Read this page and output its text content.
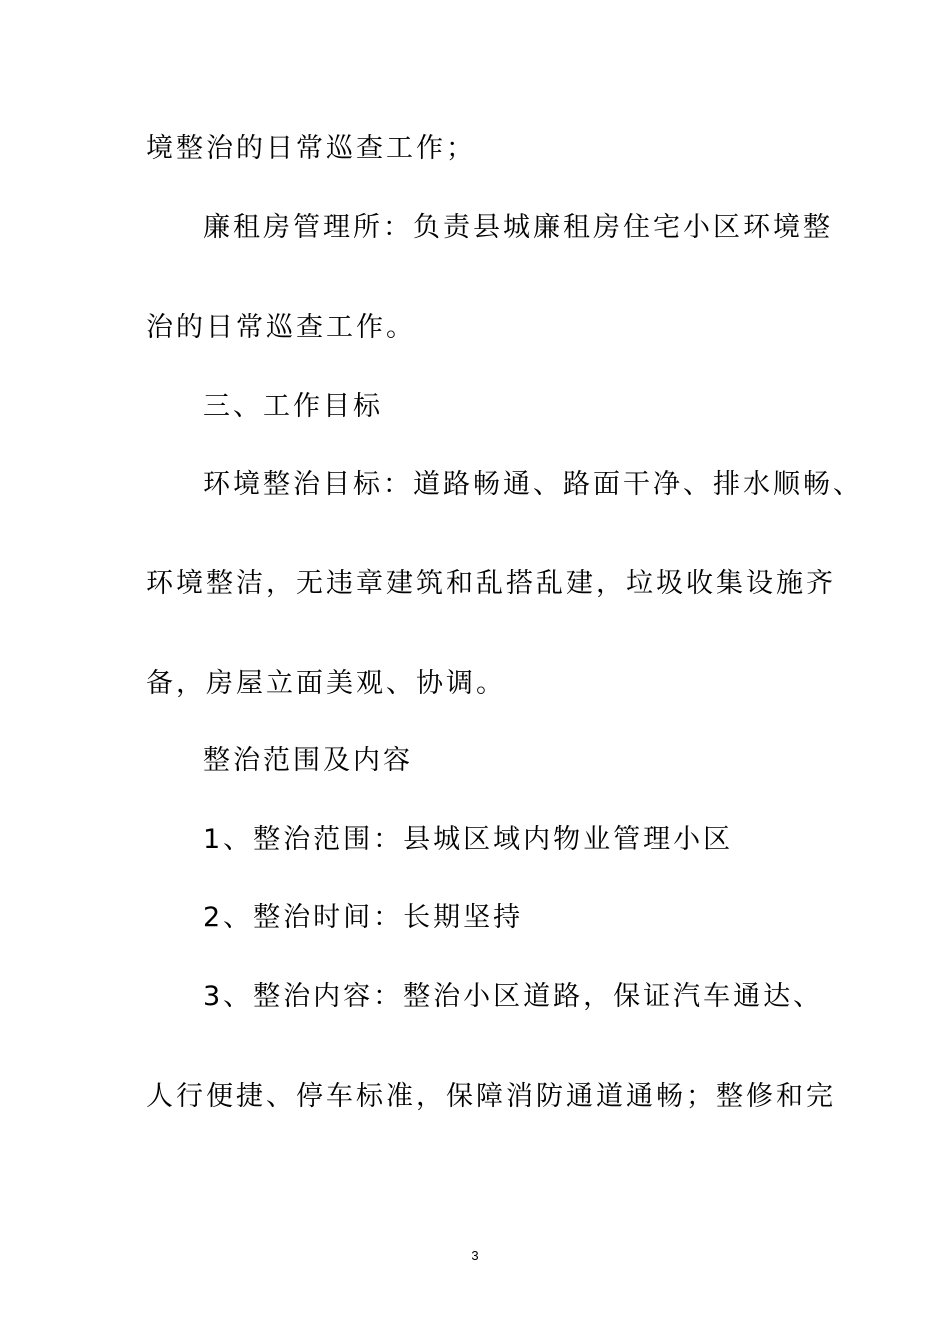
境整治的日常巡查工作；
廉租房管理所：负责县城廉租房住宅小区环境整
治的日常巡查工作。
三、工作目标
环境整治目标：道路畅通、路面干净、排水顺畅、
环境整洁，无违章建筑和乱搭乱建，垃圾收集设施齐
备，房屋立面美观、协调。
整治范围及内容
1、整治范围：县城区域内物业管理小区
2、整治时间：长期坚持
3、整治内容：整治小区道路，保证汽车通达、
人行便捷、停车标准，保障消防通道通畅；整修和完
3
